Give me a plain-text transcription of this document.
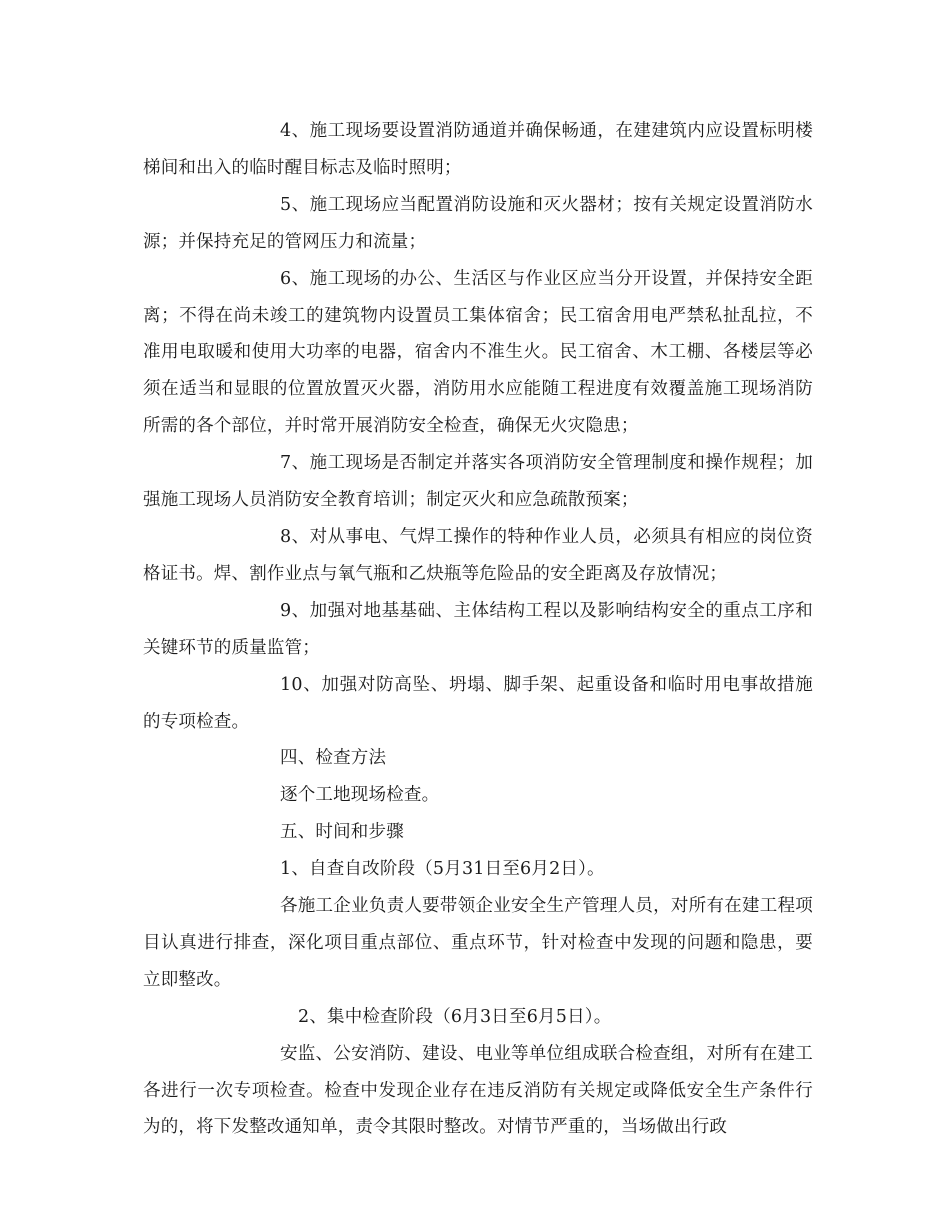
4、施工现场要设置消防通道并确保畅通，在建建筑内应设置标明楼梯间和出入的临时醒目标志及临时照明；

5、施工现场应当配置消防设施和灭火器材；按有关规定设置消防水源；并保持充足的管网压力和流量；

6、施工现场的办公、生活区与作业区应当分开设置，并保持安全距离；不得在尚未竣工的建筑物内设置员工集体宿舍；民工宿舍用电严禁私扯乱拉，不准用电取暖和使用大功率的电器，宿舍内不准生火。民工宿舍、木工棚、各楼层等必须在适当和显眼的位置放置灭火器，消防用水应能随工程进度有效覆盖施工现场消防所需的各个部位，并时常开展消防安全检查，确保无火灾隐患；

7、施工现场是否制定并落实各项消防安全管理制度和操作规程；加强施工现场人员消防安全教育培训；制定灭火和应急疏散预案；

8、对从事电、气焊工操作的特种作业人员，必须具有相应的岗位资格证书。焊、割作业点与氧气瓶和乙炔瓶等危险品的安全距离及存放情况；

9、加强对地基基础、主体结构工程以及影响结构安全的重点工序和关键环节的质量监管；

10、加强对防高坠、坍塌、脚手架、起重设备和临时用电事故措施的专项检查。

四、检查方法

逐个工地现场检查。

五、时间和步骤

1、自查自改阶段（5月31日至6月2日）。

各施工企业负责人要带领企业安全生产管理人员，对所有在建工程项目认真进行排查，深化项目重点部位、重点环节，针对检查中发现的问题和隐患，要立即整改。

2、集中检查阶段（6月3日至6月5日）。

安监、公安消防、建设、电业等单位组成联合检查组，对所有在建工各进行一次专项检查。检查中发现企业存在违反消防有关规定或降低安全生产条件行为的，将下发整改通知单，责令其限时整改。对情节严重的，当场做出行政
